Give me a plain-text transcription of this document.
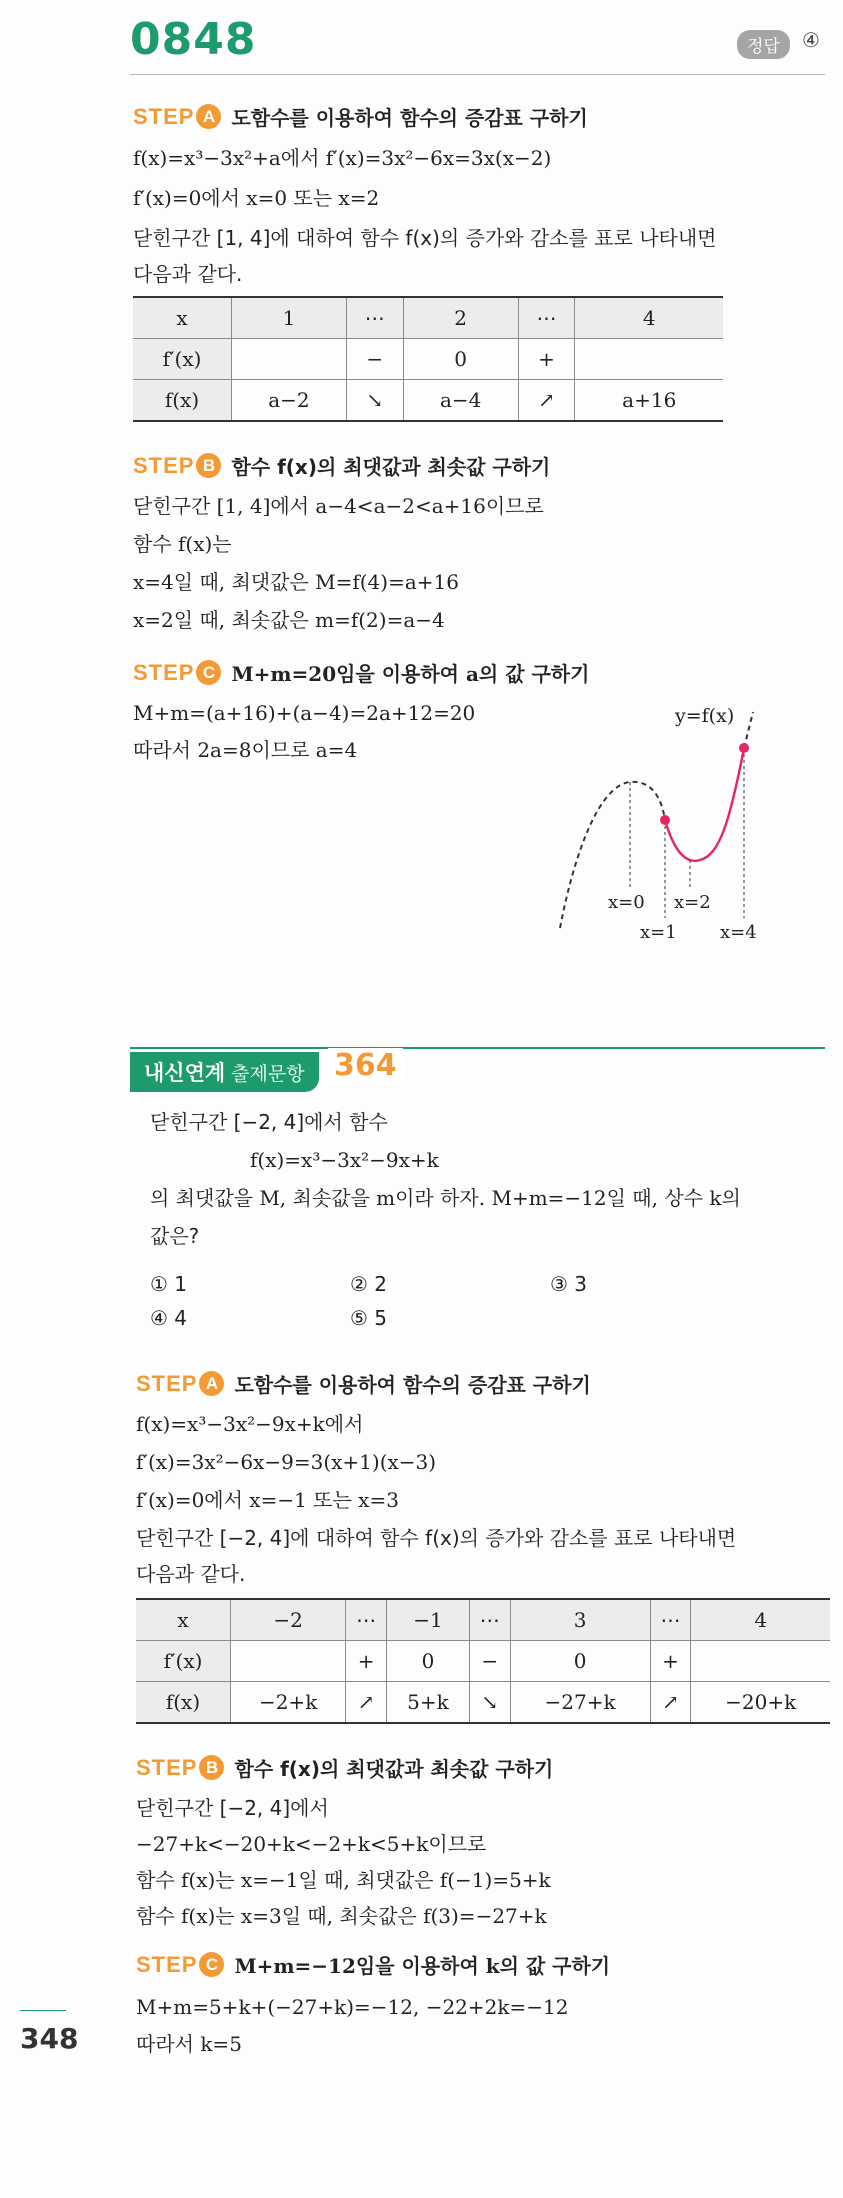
0848	정답	④
STEP A 도함수를 이용하여 함수의 증감표 구하기
f(x)=x³−3x²+a에서 f′(x)=3x²−6x=3x(x−2)
f′(x)=0에서 x=0 또는 x=2
닫힌구간 [1, 4]에 대하여 함수 f(x)의 증가와 감소를 표로 나타내면
다음과 같다.
x	1	⋯	2	⋯	4
f′(x)		−	0	+	
f(x)	a−2	↘	a−4	↗	a+16
STEP B 함수 f(x)의 최댓값과 최솟값 구하기
닫힌구간 [1, 4]에서 a−4<a−2<a+16이므로
함수 f(x)는
x=4일 때, 최댓값은 M=f(4)=a+16
x=2일 때, 최솟값은 m=f(2)=a−4
STEP C M+m=20임을 이용하여 a의 값 구하기
M+m=(a+16)+(a−4)=2a+12=20
따라서 2a=8이므로 a=4
y=f(x)
x=0 x=2
x=1 x=4
내신연계 출제문항 364
닫힌구간 [−2, 4]에서 함수
f(x)=x³−3x²−9x+k
의 최댓값을 M, 최솟값을 m이라 하자. M+m=−12일 때, 상수 k의
값은?
① 1	② 2	③ 3
④ 4	⑤ 5
STEP A 도함수를 이용하여 함수의 증감표 구하기
f(x)=x³−3x²−9x+k에서
f′(x)=3x²−6x−9=3(x+1)(x−3)
f′(x)=0에서 x=−1 또는 x=3
닫힌구간 [−2, 4]에 대하여 함수 f(x)의 증가와 감소를 표로 나타내면
다음과 같다.
x	−2	⋯	−1	⋯	3	⋯	4
f′(x)		+	0	−	0	+	
f(x)	−2+k	↗	5+k	↘	−27+k	↗	−20+k
STEP B 함수 f(x)의 최댓값과 최솟값 구하기
닫힌구간 [−2, 4]에서
−27+k<−20+k<−2+k<5+k이므로
함수 f(x)는 x=−1일 때, 최댓값은 f(−1)=5+k
함수 f(x)는 x=3일 때, 최솟값은 f(3)=−27+k
STEP C M+m=−12임을 이용하여 k의 값 구하기
M+m=5+k+(−27+k)=−12, −22+2k=−12
따라서 k=5
348
